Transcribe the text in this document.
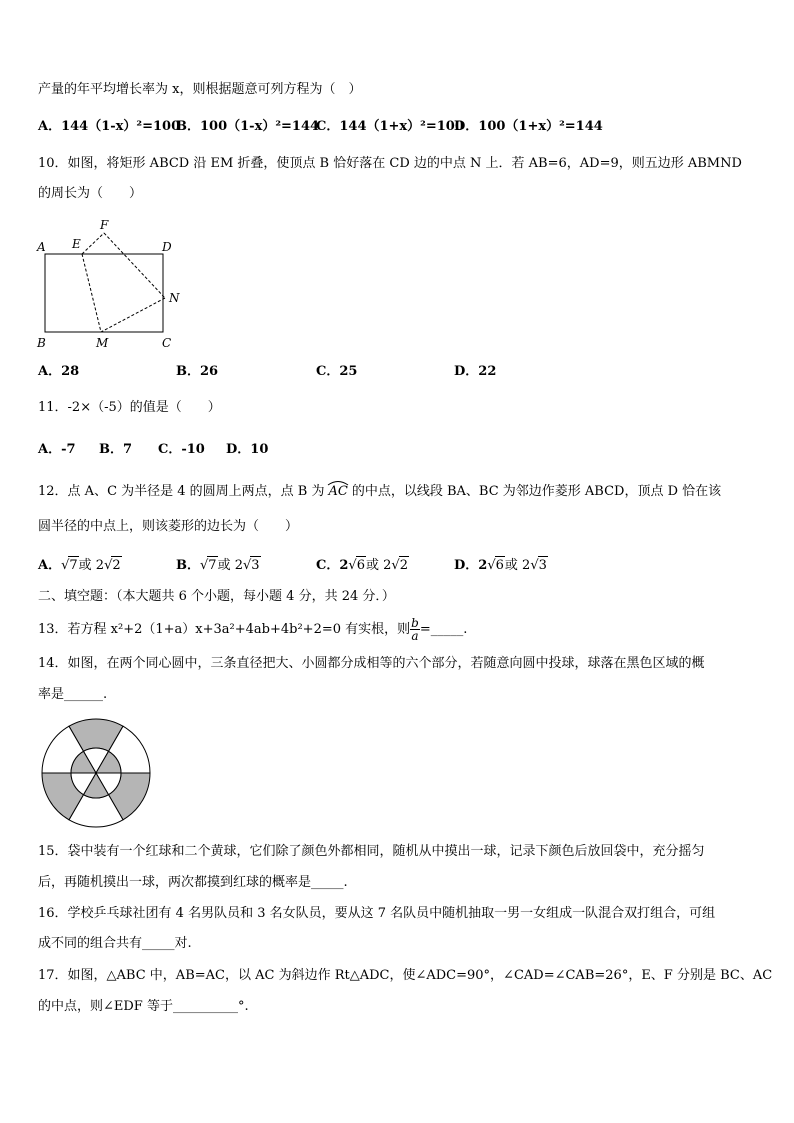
产量的年平均增长率为 x，则根据题意可列方程为（　）
A．144（1-x）²=100
B．100（1-x）²=144
C．144（1+x）²=100
D．100（1+x）²=144
10．如图，将矩形 ABCD 沿 EM 折叠，使顶点 B 恰好落在 CD 边的中点 N 上．若 AB=6，AD=9，则五边形 ABMND
的周长为（　　）
A E
F
D
N
B	M	C
A．28	B．26	C．25	D．22
11．-2×（-5）的值是（　　）
A．-7 B．7 C．-10 D．10
12．点 A、C 为半径是 4 的圆周上两点，点 B 为 AC 的中点，以线段 BA、BC 为邻边作菱形 ABCD，顶点 D 恰在该
圆半径的中点上，则该菱形的边长为（　　）
A．√7或 2√2	B．√7或 2√3	C．2√6或 2√2	D．2√6或 2√3
二、填空题：（本大题共 6 个小题，每小题 4 分，共 24 分．）
13．若方程 x²+2（1+a）x+3a²+4ab+4b²+2=0 有实根，则 $\frac{b}{a}$ =_____.
14．如图，在两个同心圆中，三条直径把大、小圆都分成相等的六个部分，若随意向圆中投球，球落在黑色区域的概
率是______.
15．袋中装有一个红球和二个黄球，它们除了颜色外都相同，随机从中摸出一球，记录下颜色后放回袋中，充分摇匀
后，再随机摸出一球，两次都摸到红球的概率是_____.
16．学校乒乓球社团有 4 名男队员和 3 名女队员，要从这 7 名队员中随机抽取一男一女组成一队混合双打组合，可组
成不同的组合共有_____对.
17．如图，△ABC 中，AB=AC，以 AC 为斜边作 Rt△ADC，使∠ADC=90°，∠CAD=∠CAB=26°，E、F 分别是 BC、AC
的中点，则∠EDF 等于__________°.
